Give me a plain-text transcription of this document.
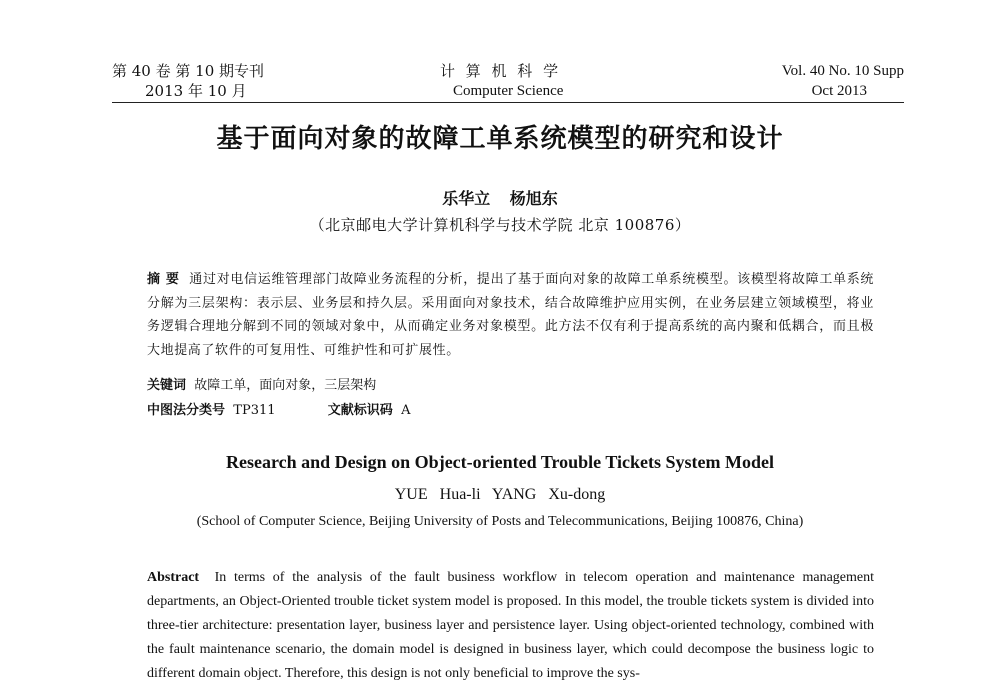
第 40 卷 第 10 期专刊
2013 年 10 月
计 算 机 科 学
Computer Science
Vol. 40 No. 10 Supp
Oct 2013
基于面向对象的故障工单系统模型的研究和设计
乐华立 杨旭东
（北京邮电大学计算机科学与技术学院 北京 100876）
摘 要 通过对电信运维管理部门故障业务流程的分析，提出了基于面向对象的故障工单系统模型。该模型将故障工单系统分解为三层架构：表示层、业务层和持久层。采用面向对象技术，结合故障维护应用实例，在业务层建立领域模型，将业务逻辑合理地分解到不同的领域对象中，从而确定业务对象模型。此方法不仅有利于提高系统的高内聚和低耦合，而且极大地提高了软件的可复用性、可维护性和可扩展性。
关键词 故障工单，面向对象，三层架构
中图法分类号 TP311	文献标识码 A
Research and Design on Object-oriented Trouble Tickets System Model
YUE Hua-li YANG Xu-dong
(School of Computer Science, Beijing University of Posts and Telecommunications, Beijing 100876, China)
Abstract In terms of the analysis of the fault business workflow in telecom operation and maintenance management departments, an Object-Oriented trouble ticket system model is proposed. In this model, the trouble tickets system is divided into three-tier architecture: presentation layer, business layer and persistence layer. Using object-oriented technology, combined with the fault maintenance scenario, the domain model is designed in business layer, which could decompose the business logic to different domain object. Therefore, this design is not only beneficial to improve the sys-
